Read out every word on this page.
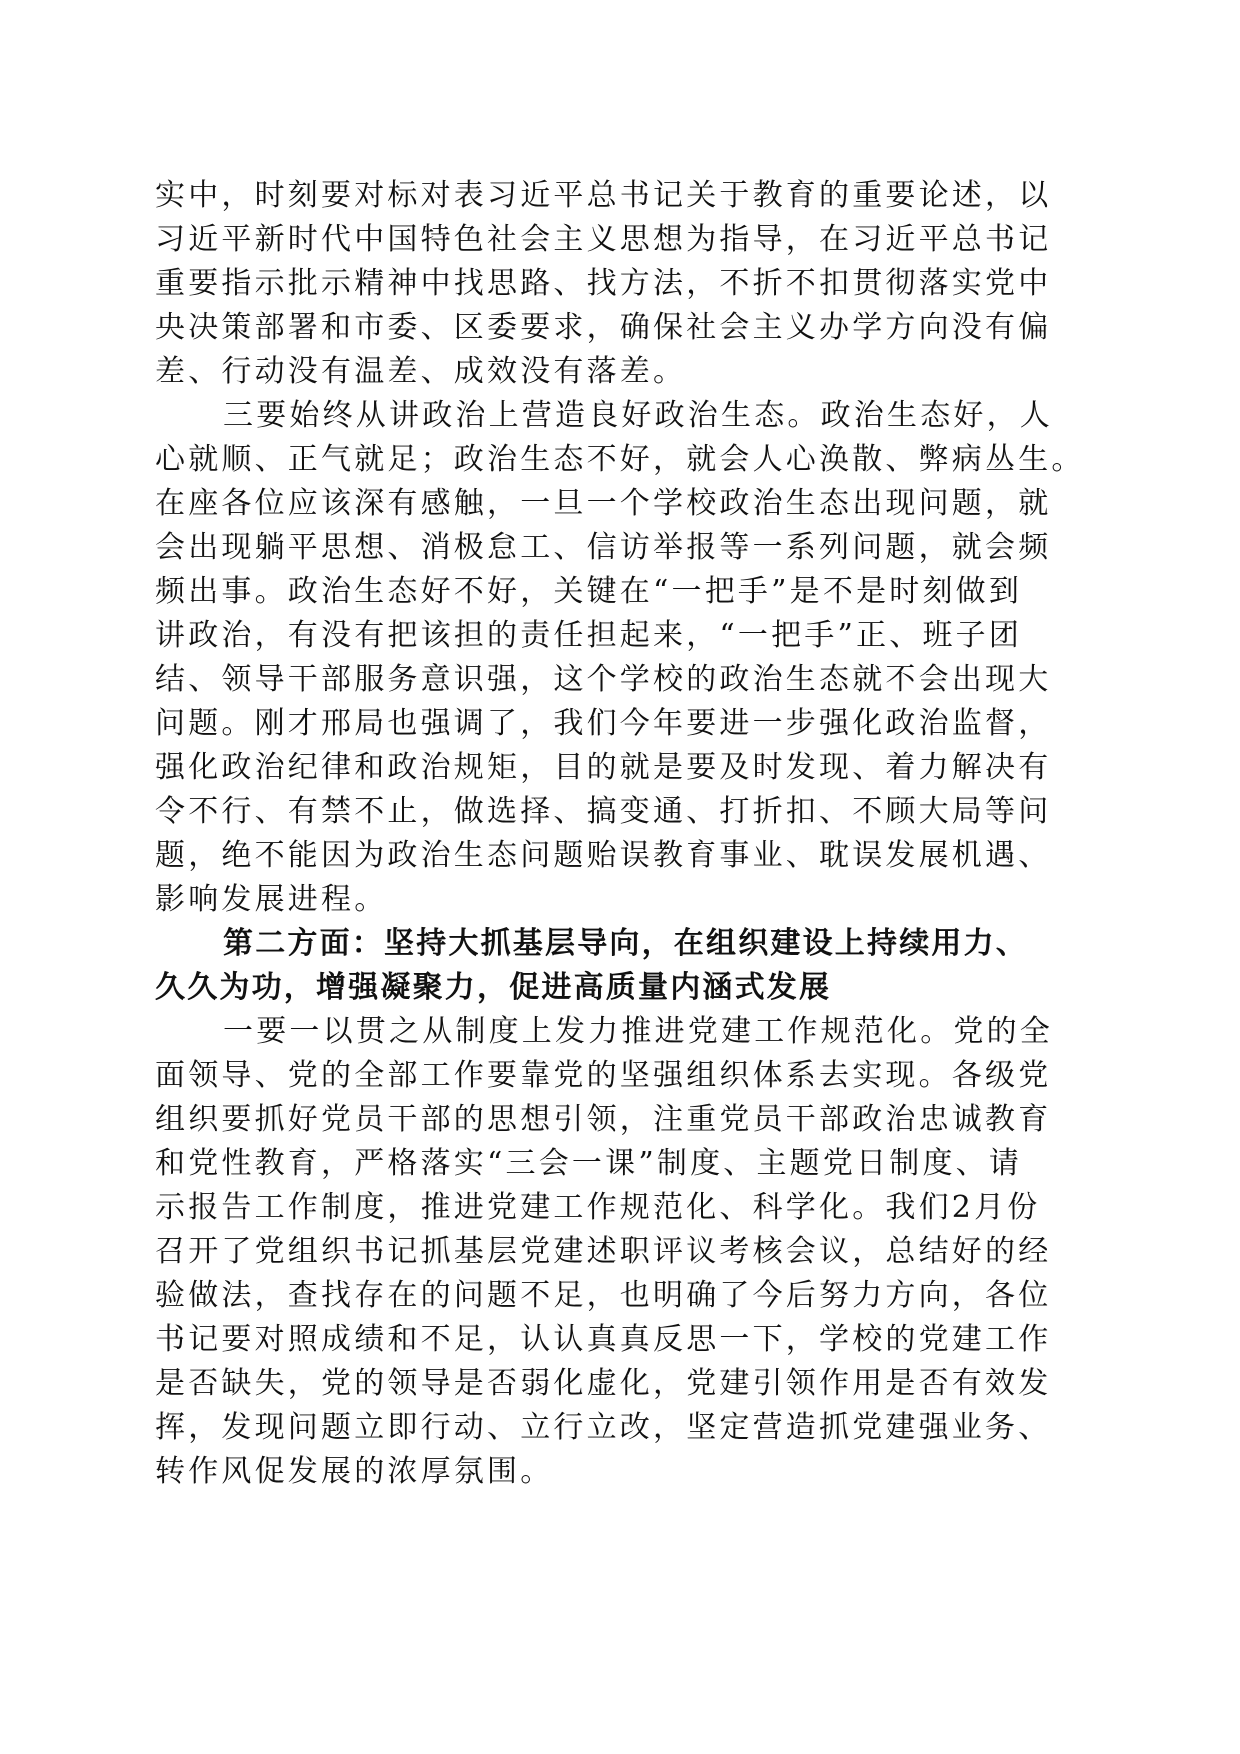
实中，时刻要对标对表习近平总书记关于教育的重要论述，以
习近平新时代中国特色社会主义思想为指导，在习近平总书记
重要指示批示精神中找思路、找方法，不折不扣贯彻落实党中
央决策部署和市委、区委要求，确保社会主义办学方向没有偏
差、行动没有温差、成效没有落差。
三要始终从讲政治上营造良好政治生态。政治生态好，人
心就顺、正气就足；政治生态不好，就会人心涣散、弊病丛生。
在座各位应该深有感触，一旦一个学校政治生态出现问题，就
会出现躺平思想、消极怠工、信访举报等一系列问题，就会频
频出事。政治生态好不好，关键在“一把手”是不是时刻做到
讲政治，有没有把该担的责任担起来，“一把手”正、班子团
结、领导干部服务意识强，这个学校的政治生态就不会出现大
问题。刚才邢局也强调了，我们今年要进一步强化政治监督，
强化政治纪律和政治规矩，目的就是要及时发现、着力解决有
令不行、有禁不止，做选择、搞变通、打折扣、不顾大局等问
题，绝不能因为政治生态问题贻误教育事业、耽误发展机遇、
影响发展进程。
第二方面：坚持大抓基层导向，在组织建设上持续用力、
久久为功，增强凝聚力，促进高质量内涵式发展
一要一以贯之从制度上发力推进党建工作规范化。党的全
面领导、党的全部工作要靠党的坚强组织体系去实现。各级党
组织要抓好党员干部的思想引领，注重党员干部政治忠诚教育
和党性教育，严格落实“三会一课”制度、主题党日制度、请
示报告工作制度，推进党建工作规范化、科学化。我们2月份
召开了党组织书记抓基层党建述职评议考核会议，总结好的经
验做法，查找存在的问题不足，也明确了今后努力方向，各位
书记要对照成绩和不足，认认真真反思一下，学校的党建工作
是否缺失，党的领导是否弱化虚化，党建引领作用是否有效发
挥，发现问题立即行动、立行立改，坚定营造抓党建强业务、
转作风促发展的浓厚氛围。
